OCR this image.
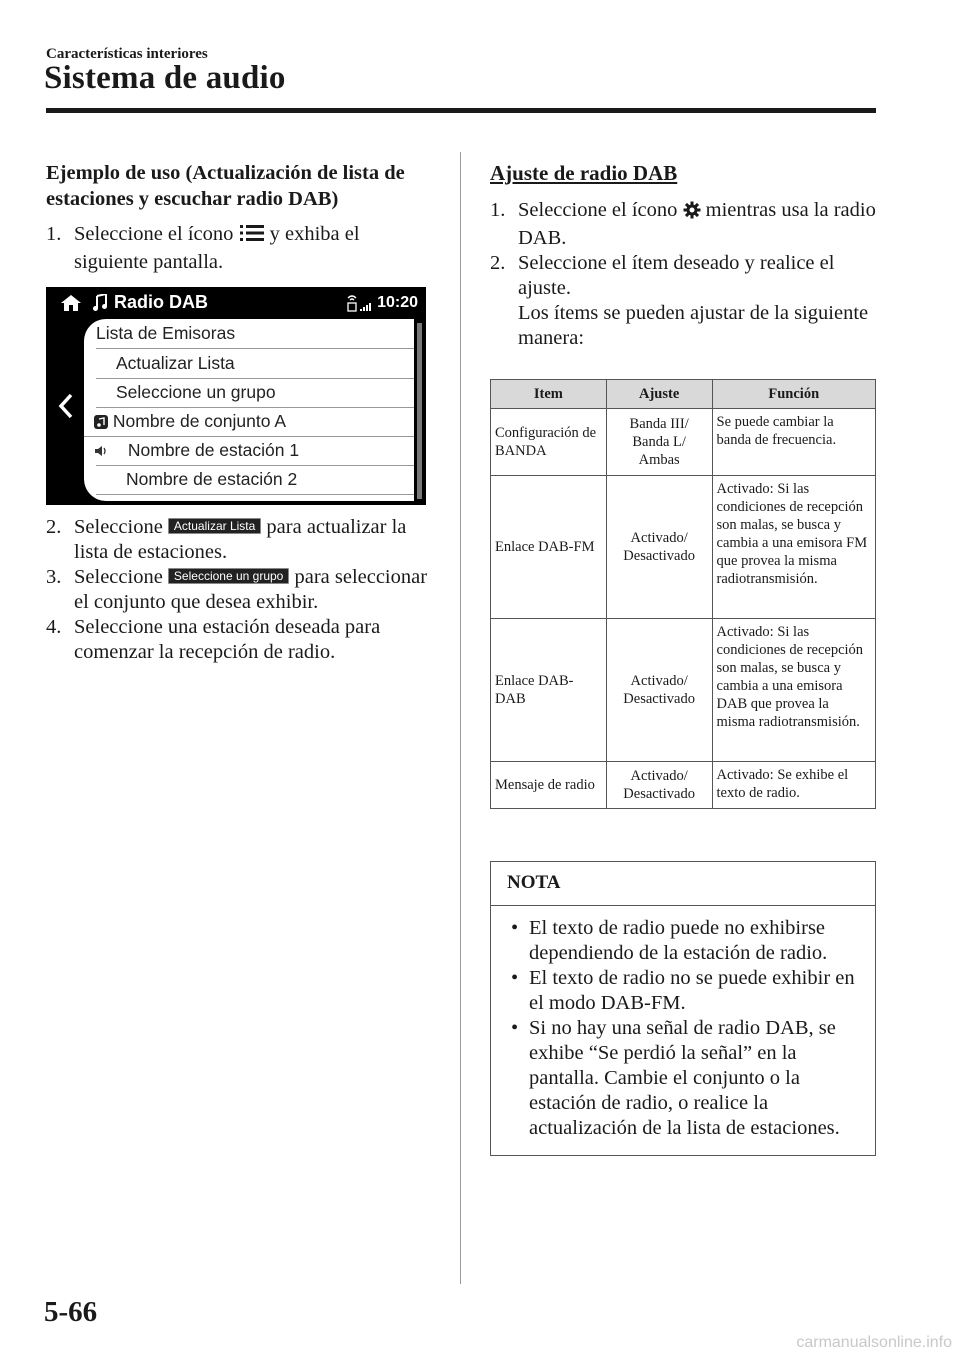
Características interiores
Sistema de audio
Ejemplo de uso (Actualización de lista de estaciones y escuchar radio DAB)
1. Seleccione el ícono y exhiba el siguiente pantalla.
Radio DAB	10:20
Lista de Emisoras
Actualizar Lista
Seleccione un grupo
Nombre de conjunto A
Nombre de estación 1
Nombre de estación 2
2. Seleccione Actualizar Lista para actualizar la lista de estaciones.
3. Seleccione Seleccione un grupo para seleccionar el conjunto que desea exhibir.
4. Seleccione una estación deseada para comenzar la recepción de radio.
Ajuste de radio DAB
1. Seleccione el ícono mientras usa la radio DAB.
2. Seleccione el ítem deseado y realice el ajuste.
Los ítems se pueden ajustar de la siguiente manera:
Item	Ajuste	Función
Configuración de BANDA	Banda III/ Banda L/ Ambas	Se puede cambiar la banda de frecuencia.
Enlace DAB-FM	Activado/ Desactivado	Activado: Si las condiciones de recepción son malas, se busca y cambia a una emisora FM que provea la misma radiotransmisión.
Enlace DAB-DAB	Activado/ Desactivado	Activado: Si las condiciones de recepción son malas, se busca y cambia a una emisora DAB que provea la misma radiotransmisión.
Mensaje de radio	Activado/ Desactivado	Activado: Se exhibe el texto de radio.
NOTA
• El texto de radio puede no exhibirse dependiendo de la estación de radio.
• El texto de radio no se puede exhibir en el modo DAB-FM.
• Si no hay una señal de radio DAB, se exhibe “Se perdió la señal” en la pantalla. Cambie el conjunto o la estación de radio, o realice la actualización de la lista de estaciones.
5-66
carmanualsonline.info
